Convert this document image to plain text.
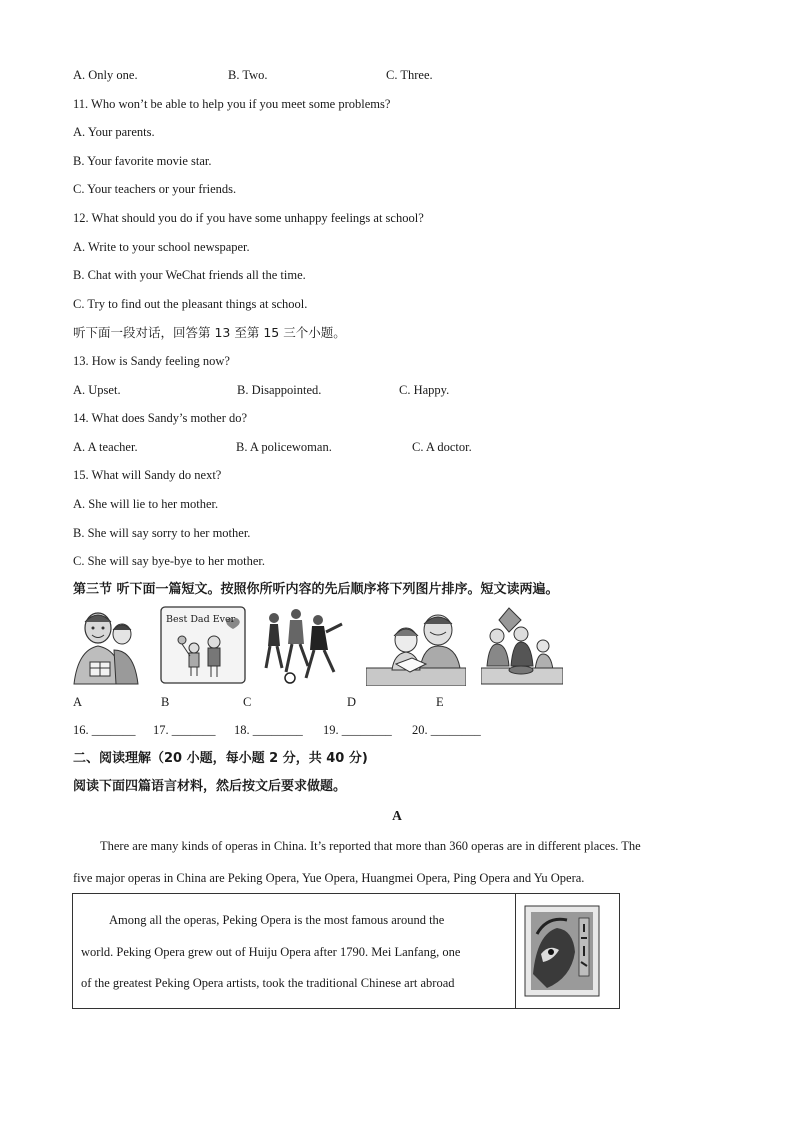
A. Only one.	B. Two.	C. Three.
11. Who won’t be able to help you if you meet some problems?
A. Your parents.
B. Your favorite movie star.
C. Your teachers or your friends.
12. What should you do if you have some unhappy feelings at school?
A. Write to your school newspaper.
B. Chat with your WeChat friends all the time.
C. Try to find out the pleasant things at school.
听下面一段对话，回答第 13 至第 15 三个小题。
13. How is Sandy feeling now?
A. Upset.	B. Disappointed.	C. Happy.
14. What does Sandy’s mother do?
A. A teacher.	B. A policewoman.	C. A doctor.
15. What will Sandy do next?
A. She will lie to her mother.
B. She will say sorry to her mother.
C. She will say bye-bye to her mother.
第三节 听下面一篇短文。按照你所听内容的先后顺序将下列图片排序。短文读两遍。
Best Dad Ever
A	B	C	D	E
16. _______ 17. _______ 18. ________ 19. ________ 20. ________
二、阅读理解（20 小题，每小题 2 分，共 40 分)
阅读下面四篇语言材料，然后按文后要求做题。
A
There are many kinds of operas in China. It’s reported that more than 360 operas are in different places. The
five major operas in China are Peking Opera, Yue Opera, Huangmei Opera, Ping Opera and Yu Opera.
Among all the operas, Peking Opera is the most famous around the
world. Peking Opera grew out of Huiju Opera after 1790. Mei Lanfang, one
of the greatest Peking Opera artists, took the traditional Chinese art abroad
